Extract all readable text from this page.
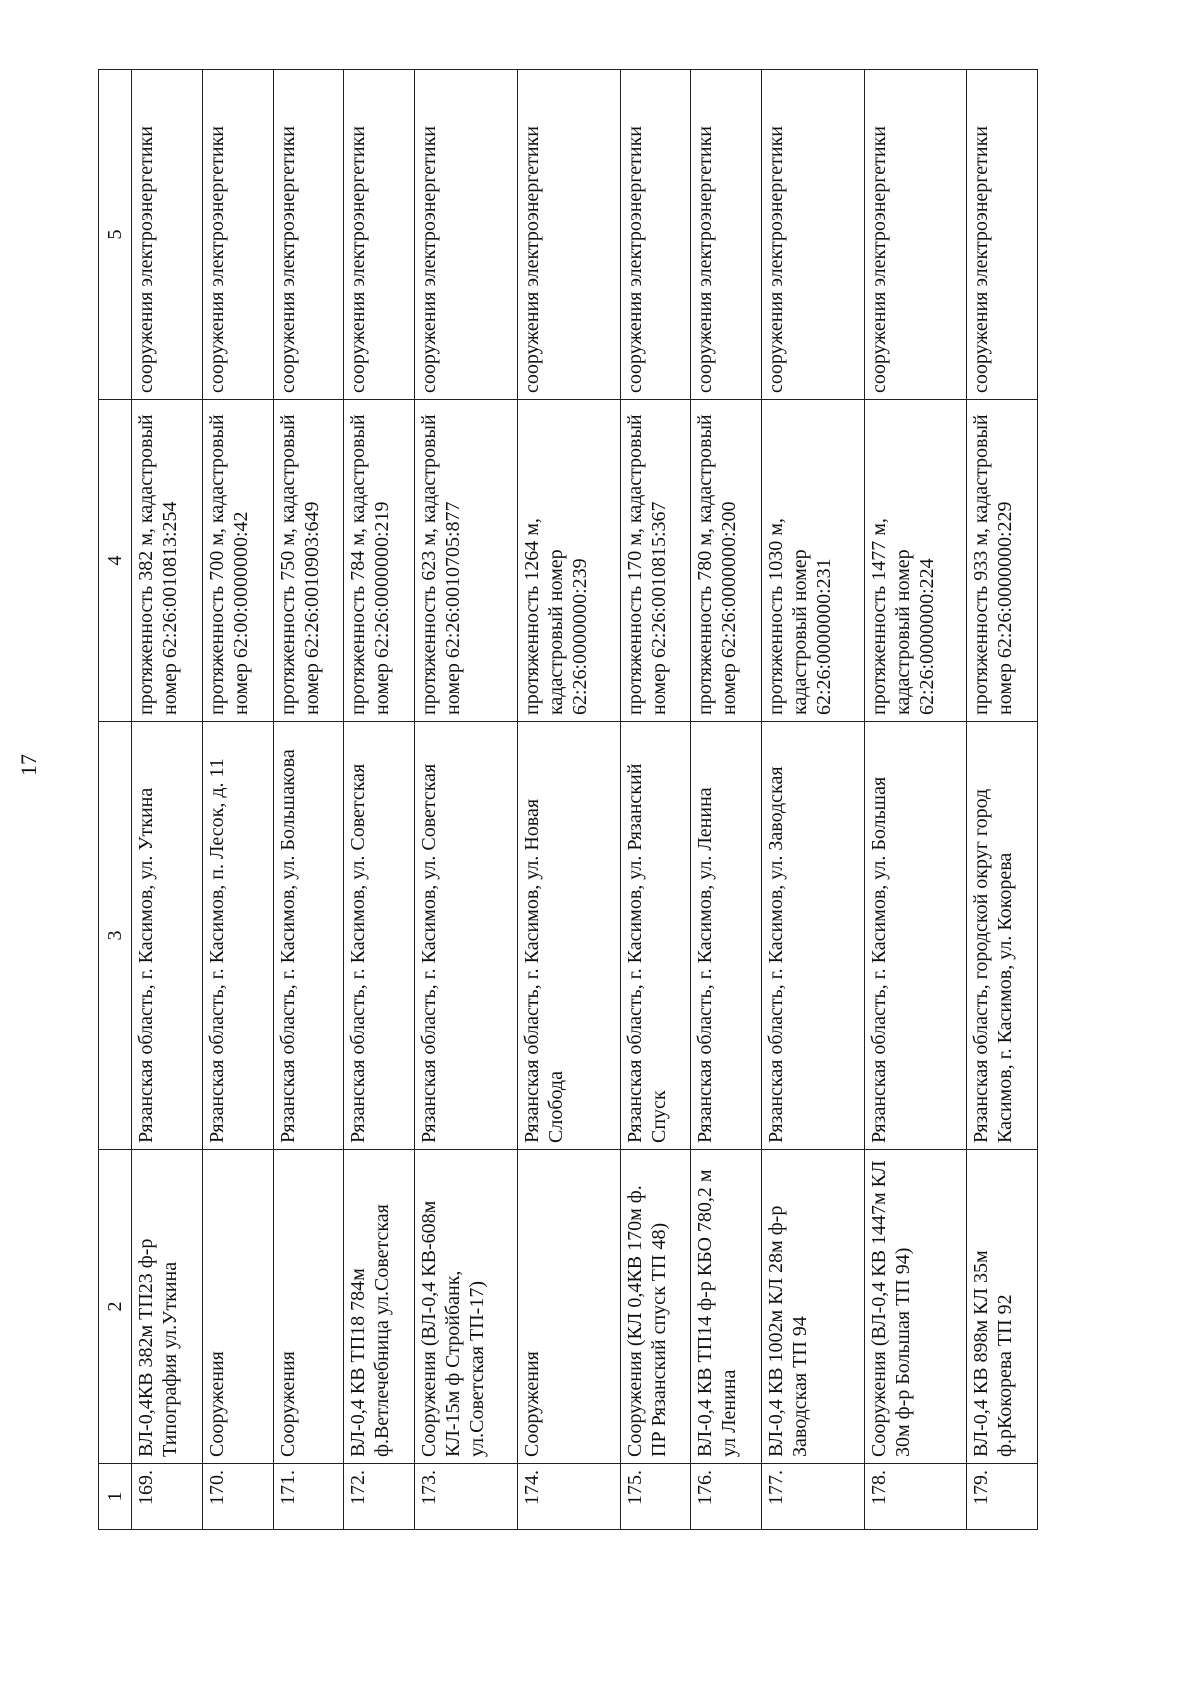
17
1	2	3	4	5
169.	ВЛ-0,4КВ 382м ТП23 ф-р Типография ул.Уткина	Рязанская область, г. Касимов, ул. Уткина	протяженность 382 м, кадастровый номер 62:26:0010813:254	сооружения электроэнергетики
170.	Сооружения	Рязанская область, г. Касимов, п. Лесок, д. 11	протяженность 700 м, кадастровый номер 62:00:0000000:42	сооружения электроэнергетики
171.	Сооружения	Рязанская область, г. Касимов, ул. Большакова	протяженность 750 м, кадастровый номер 62:26:0010903:649	сооружения электроэнергетики
172.	ВЛ-0,4 КВ ТП18 784м ф.Ветлечебница ул.Советская	Рязанская область, г. Касимов, ул. Советская	протяженность 784 м, кадастровый номер 62:26:0000000:219	сооружения электроэнергетики
173.	Сооружения (ВЛ-0,4 КВ-608м КЛ-15м ф Стройбанк, ул.Советская ТП-17)	Рязанская область, г. Касимов, ул. Советская	протяженность 623 м, кадастровый номер 62:26:0010705:877	сооружения электроэнергетики
174.	Сооружения	Рязанская область, г. Касимов, ул. Новая Слобода	протяженность 1264 м, кадастровый номер 62:26:0000000:239	сооружения электроэнергетики
175.	Сооружения (КЛ 0,4КВ 170м ф. ПР Рязанский спуск ТП 48)	Рязанская область, г. Касимов, ул. Рязанский Спуск	протяженность 170 м, кадастровый номер 62:26:0010815:367	сооружения электроэнергетики
176.	ВЛ-0,4 КВ ТП14 ф-р КБО 780,2 м ул Ленина	Рязанская область, г. Касимов, ул. Ленина	протяженность 780 м, кадастровый номер 62:26:0000000:200	сооружения электроэнергетики
177.	ВЛ-0,4 КВ 1002м КЛ 28м ф-р Заводская ТП 94	Рязанская область, г. Касимов, ул. Заводская	протяженность 1030 м, кадастровый номер 62:26:0000000:231	сооружения электроэнергетики
178.	Сооружения (ВЛ-0,4 КВ 1447м КЛ 30м ф-р Большая ТП 94)	Рязанская область, г. Касимов, ул. Большая	протяженность 1477 м, кадастровый номер 62:26:0000000:224	сооружения электроэнергетики
179.	ВЛ-0,4 КВ 898м КЛ 35м ф.рКокорева ТП 92	Рязанская область, городской округ город Касимов, г. Касимов, ул. Кокорева	протяженность 933 м, кадастровый номер 62:26:0000000:229	сооружения электроэнергетики
